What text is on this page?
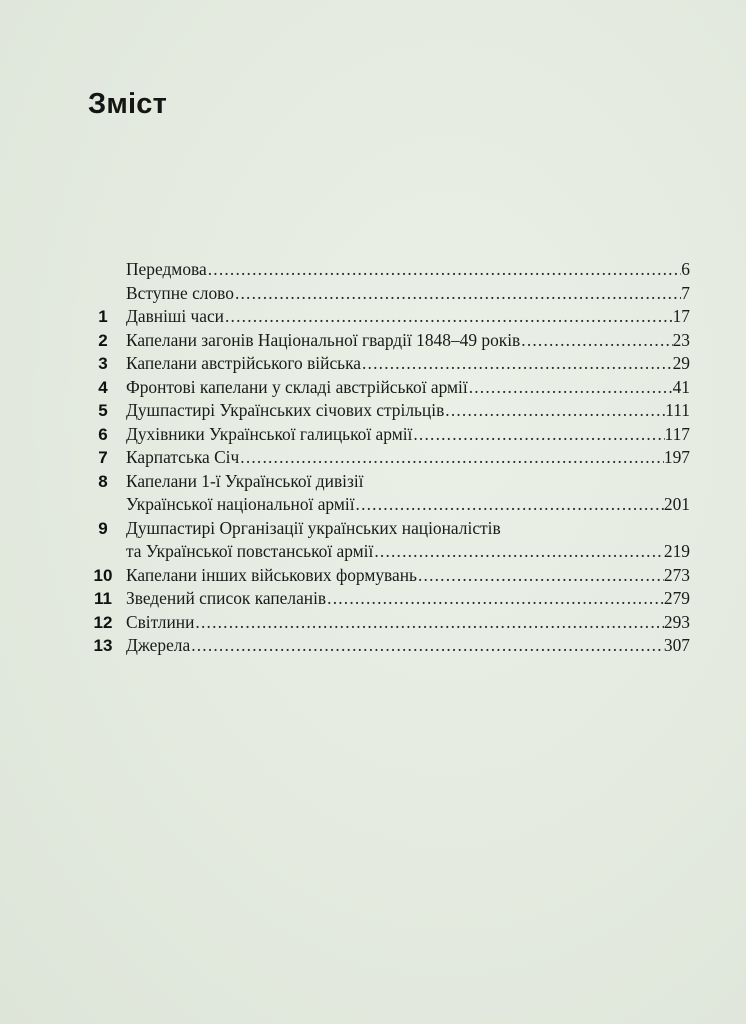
Зміст
Передмова .....	6
Вступне слово .....	7
1	Давніші часи .....	17
2	Капелани загонів Національної гвардії 1848–49 років .....	23
3	Капелани австрійського війська .....	29
4	Фронтові капелани у складі австрійської армії .....	41
5	Душпастирі Українських січових стрільців .....	111
6	Духівники Української галицької армії .....	117
7	Карпатська Січ .....	197
8	Капелани 1-ї Української дивізії
Української національної армії .....	201
9	Душпастирі Організації українських націоналістів
та Української повстанської армії .....	219
10 Капелани інших військових формувань .....	273
11 Зведений список капеланів .....	279
12 Світлини .....	293
13 Джерела .....	307
